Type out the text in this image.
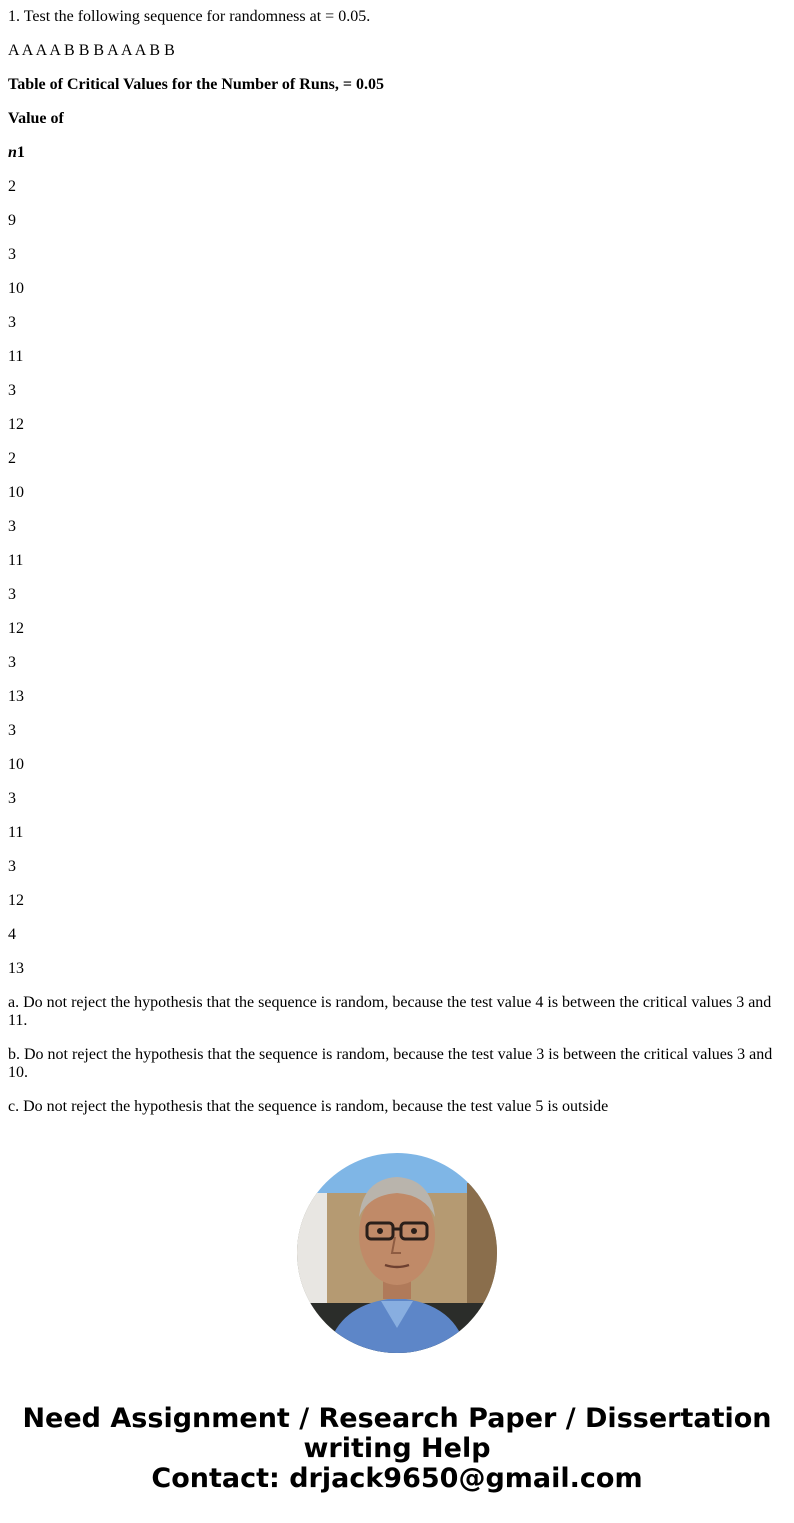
1. Test the following sequence for randomness at = 0.05.

A A A A B B B A A A B B

Table of Critical Values for the Number of Runs, = 0.05

Value of

n1

2

9

3

10

3

11

3

12

2

10

3

11

3

12

3

13

3

10

3

11

3

12

4

13

a. Do not reject the hypothesis that the sequence is random, because the test value 4 is between the critical values 3 and 11.

b. Do not reject the hypothesis that the sequence is random, because the test value 3 is between the critical values 3 and 10.

c. Do not reject the hypothesis that the sequence is random, because the test value 5 is outside

Need Assignment / Research Paper / Dissertation
writing Help
Contact: drjack9650@gmail.com
